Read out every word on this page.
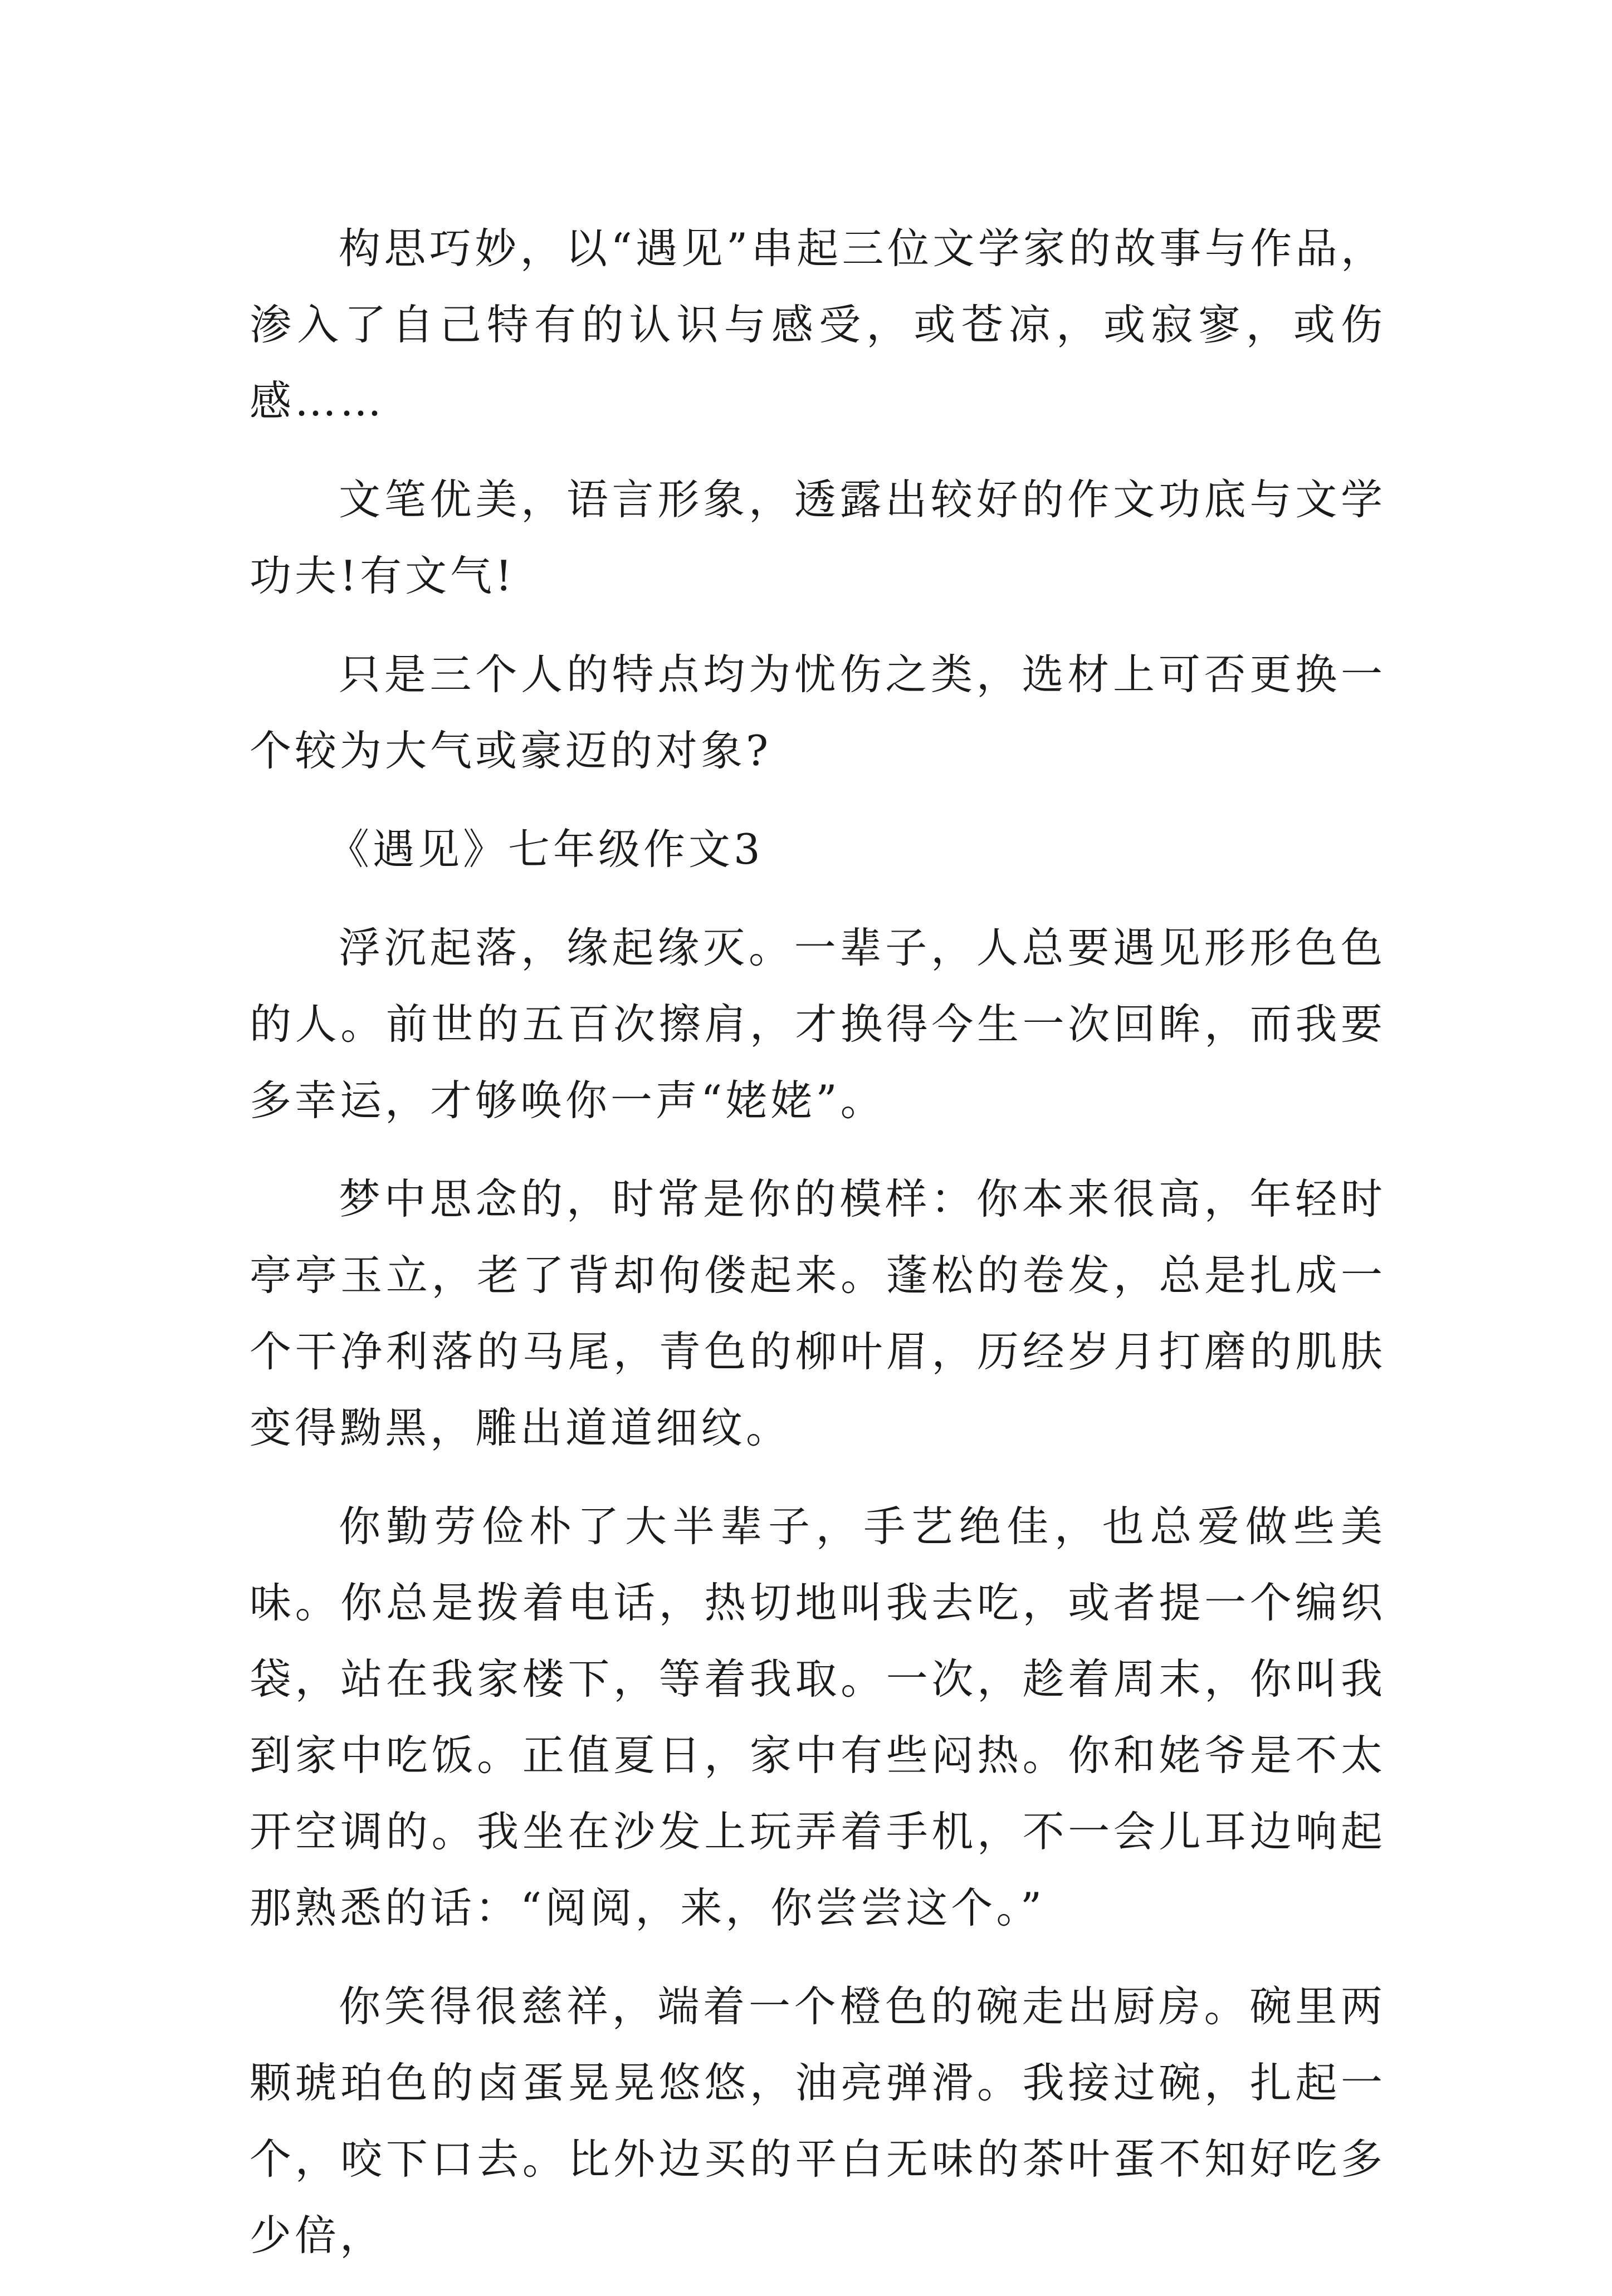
构思巧妙，以“遇见”串起三位文学家的故事与作品，渗入了自己特有的认识与感受，或苍凉，或寂寥，或伤感……

文笔优美，语言形象，透露出较好的作文功底与文学功夫!有文气!

只是三个人的特点均为忧伤之类，选材上可否更换一个较为大气或豪迈的对象?

《遇见》七年级作文3

浮沉起落，缘起缘灭。一辈子，人总要遇见形形色色的人。前世的五百次擦肩，才换得今生一次回眸，而我要多幸运，才够唤你一声“姥姥”。

梦中思念的，时常是你的模样：你本来很高，年轻时亭亭玉立，老了背却佝偻起来。蓬松的卷发，总是扎成一个干净利落的马尾，青色的柳叶眉，历经岁月打磨的肌肤变得黝黑，雕出道道细纹。

你勤劳俭朴了大半辈子，手艺绝佳，也总爱做些美味。你总是拨着电话，热切地叫我去吃，或者提一个编织袋，站在我家楼下，等着我取。一次，趁着周末，你叫我到家中吃饭。正值夏日，家中有些闷热。你和姥爷是不太开空调的。我坐在沙发上玩弄着手机，不一会儿耳边响起那熟悉的话：“阅阅，来，你尝尝这个。”

你笑得很慈祥，端着一个橙色的碗走出厨房。碗里两颗琥珀色的卤蛋晃晃悠悠，油亮弹滑。我接过碗，扎起一个，咬下口去。比外边买的平白无味的茶叶蛋不知好吃多少倍，
